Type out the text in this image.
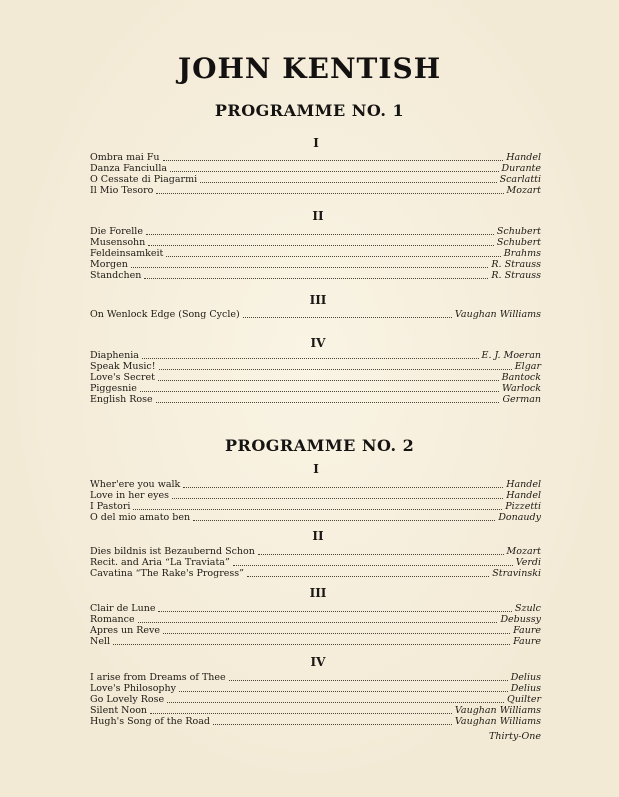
JOHN KENTISH
PROGRAMME NO. 1
PROGRAMME NO. 2
I
Ombra mai Fu	Handel
Danza Fanciulla	Durante
O Cessate di Piagarmi	Scarlatti
Il Mio Tesoro	Mozart
II
Die Forelle	Schubert
Musensohn	Schubert
Feldeinsamkeit	Brahms
Morgen	R. Strauss
Standchen	R. Strauss
III
On Wenlock Edge (Song Cycle)	Vaughan Williams
IV
Diaphenia	E. J. Moeran
Speak Music!	Elgar
Love's Secret	Bantock
Piggesnie	Warlock
English Rose	German
I
Wher'ere you walk	Handel
Love in her eyes	Handel
I Pastori	Pizzetti
O del mio amato ben	Donaudy
II
Dies bildnis ist Bezaubernd Schon	Mozart
Recit. and Aria “La Traviata”	Verdi
Cavatina “The Rake's Progress”	Stravinski
III
Clair de Lune	Szulc
Romance	Debussy
Apres un Reve	Faure
Nell	Faure
IV
I arise from Dreams of Thee	Delius
Love's Philosophy	Delius
Go Lovely Rose	Quilter
Silent Noon	Vaughan Williams
Hugh's Song of the Road	Vaughan Williams
Thirty-One
